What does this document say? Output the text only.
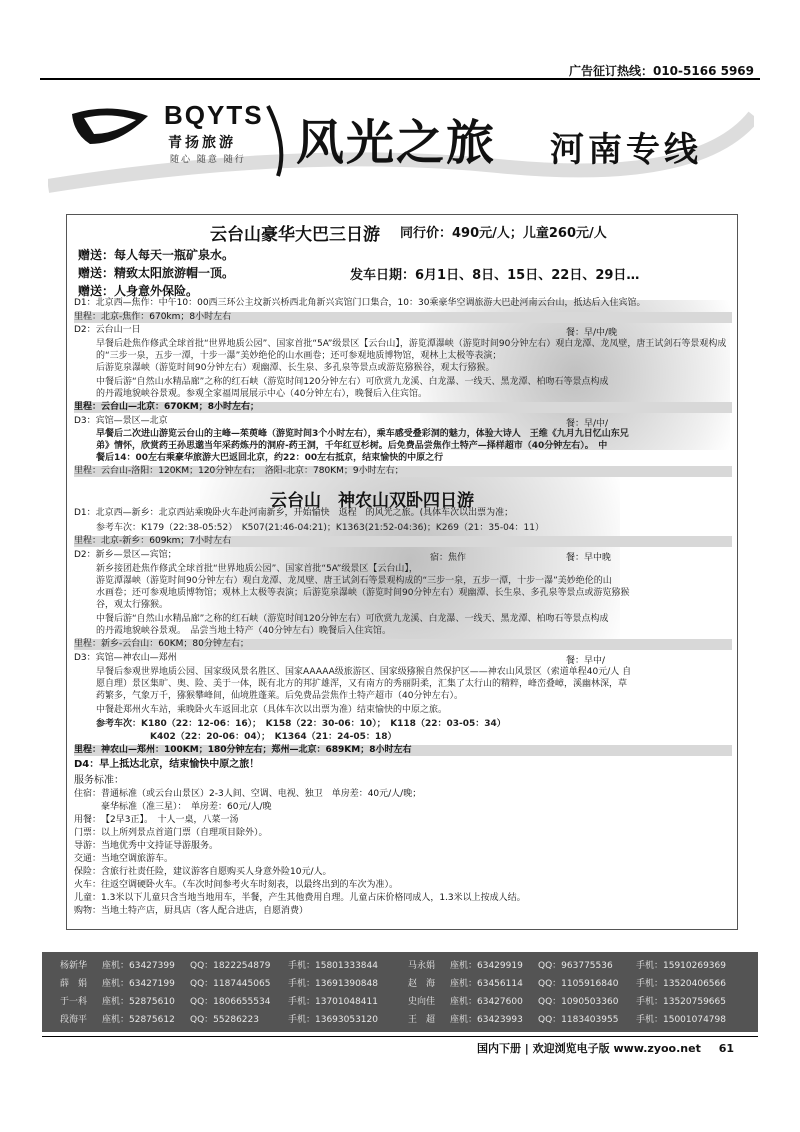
广告征订热线：010-5166 5969
BQYTS
青扬旅游
随心 随意 随行 风光之旅 河南专线
云台山豪华大巴三日游 同行价：490元/人；儿童260元/人
赠送：每人每天一瓶矿泉水。
赠送：精致太阳旅游帽一顶。
赠送：人身意外保险。
发车日期：6月1日、8日、15日、22日、29日…
D1：北京西—焦作：中午10：00西三环公主坟新兴桥西北角新兴宾馆门口集合，10：30乘豪华空调旅游大巴赴河南云台山，抵达后入住宾馆。
里程：北京-焦作：670km；8小时左右
D2：云台山一日	餐：早/中/晚
早餐后赴焦作修武全球首批“世界地质公园”、国家首批“5A”级景区【云台山】，游览潭瀑峡（游览时间90分钟左右）观白龙潭、龙凤壁，唐王试剑石等景观构成的“三步一泉，五步一潭，十步一瀑”美妙绝伦的山水画卷；还可参观地质博物馆，观林上太极等表演；
后游览泉瀑峡（游览时间90分钟左右）观幽潭、长生泉、多孔泉等景点或游览猕猴谷，观太行猕猴。
中餐后游“自然山水精品廊”之称的红石峡（游览时间120分钟左右）可欣赏九龙溪、白龙瀑、一线天、黑龙潭、柏吻石等景点构成
的丹霞地貌峡谷景观。参观全家福周展展示中心（40分钟左右），晚餐后入住宾馆。
里程：云台山—北京：670KM；8小时左右；
D3：宾馆—景区—北京	餐：早/中/
早餐后二次进山游览云台山的主峰—茱萸峰（游览时间3个小时左右），乘车感受叠彩洞的魅力，体验大诗人　王维《九月九日忆山东兄
弟》情怀，欣赏药王孙思邈当年采药炼丹的洞府-药王洞，千年红豆杉树。后免费品尝焦作土特产—择样超市（40分钟左右）。　中
餐后14：00左右乘豪华旅游大巴返回北京，约22：00左右抵京，结束愉快的中原之行
里程：云台山-洛阳：120KM；120分钟左右；　洛阳-北京：780KM；9小时左右；
云台山　神农山双卧四日游
D1：北京西—新乡：北京西站乘晚卧火车赴河南新乡，开始愉快　返程　的风光之旅。(具体车次以出票为准；
参考车次：K179（22:38-05:52）　K507(21:46-04:21)；K1363(21:52-04:36)；K269（21：35-04：11）
里程：北京-新乡：609km；7小时左右
D2：新乡—景区—宾馆；	宿：焦作	餐：早中晚
新乡接团赴焦作修武全球首批“世界地质公园”、国家首批“5A”级景区【云台山】，
游览潭瀑峡（游览时间90分钟左右）观白龙潭、龙凤壁、唐王试剑石等景观构成的“三步一泉，五步一潭，十步一瀑”美妙绝伦的山
水画卷；还可参观地质博物馆；观林上太极等表演；后游览泉瀑峡（游览时间90分钟左右）观幽潭、长生泉、多孔泉等景点或游览猕猴
谷，观太行猕猴。
中餐后游“自然山水精品廊”之称的红石峡（游览时间120分钟左右）可欣赏九龙溪、白龙瀑、一线天、黑龙潭、柏吻石等景点构成
的丹霞地貌峡谷景观。　品尝当地土特产（40分钟左右）晚餐后入住宾馆。
里程：新乡-云台山：60KM；80分钟左右；
D3：宾馆—神农山—郑州	餐：早中/
早餐后参观世界地质公园、国家级风景名胜区、国家AAAAA级旅游区、国家级猕猴自然保护区——神农山风景区（索道单程40元/人 自
愿自理）景区集旷、奥、险、美于一体，既有北方的邦扩雄浑，又有南方的秀丽阴柔，汇集了太行山的精粹，峰峦叠嶂，溪幽林深，草
药繁多，气象万千，猕猴攀峰间，仙境胜蓬莱。后免费品尝焦作土特产超市（40分钟左右）。
中餐赴郑州火车站，乘晚卧火车返回北京（具体车次以出票为准）结束愉快的中原之旅。
参考车次：K180（22：12-06：16）；　K158（22：30-06：10）；　K118（22：03-05：34）
K402（22：20-06：04）；　K1364（21：24-05：18）
里程：神农山—郑州：100KM；180分钟左右；郑州—北京：689KM；8小时左右
D4：早上抵达北京，结束愉快中原之旅！
服务标准：
住宿：普通标准（或云台山景区）2-3人间、空调、电视、独卫　单房差：40元/人/晚；
　　　豪华标准（准三星）：　单房差：60元/人/晚
用餐：　【2早3正】。　十人一桌，八菜一汤
门票：以上所列景点首道门票（自理项目除外）。
导游：当地优秀中文持证导游服务。
交通：当地空调旅游车。
保险：含旅行社责任险，建议游客自愿购买人身意外险10元/人。
火车：往返空调硬卧火车。（车次时间参考火车时刻表，以最终出到的车次为准）。
儿童：1.3米以下儿童只含当地当地用车，半餐，产生其他费用自理。儿童占床价格同成人，1.3米以上按成人结。
购物：当地土特产店，厨具店（客人配合进店，自愿消费）
杨新华 座机：63427399 QQ：1822254879 手机：15801333844	马永娟 座机：63429919 QQ：963775536	手机：15910269369
薛　娟 座机：63427199 QQ：1187445065 手机：13691390848	赵　海 座机：63456114 QQ：1105916840 手机：13520406566
于一科 座机：52875610 QQ：1806655534 手机：13701048411	史向佳 座机：63427600 QQ：1090503360 手机：13520759665
段海平 座机：52875612 QQ：55286223	手机：13693053120	王　超 座机：63423993 QQ：1183403955 手机：15001074798
国内下册 | 欢迎浏览电子版 www.zyoo.net 61
